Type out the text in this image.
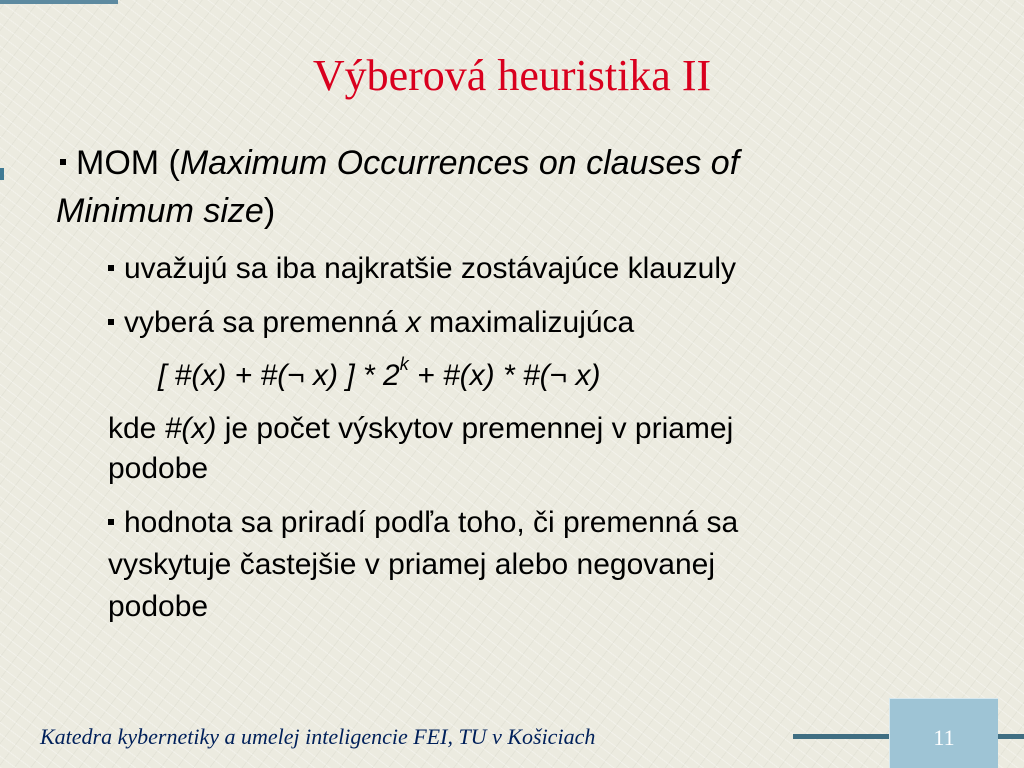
Výberová heuristika II
MOM (Maximum Occurrences on clauses of
Minimum size)
uvažujú sa iba najkratšie zostávajúce klauzuly
vyberá sa premenná x maximalizujúca
[ #(x) + #(¬ x) ] * $2^k$ + #(x) * #(¬ x)
kde #(x) je počet výskytov premennej v priamej
podobe
hodnota sa priradí podľa toho, či premenná sa
vyskytuje častejšie v priamej alebo negovanej
podobe
Katedra kybernetiky a umelej inteligencie FEI, TU v Košiciach	11
